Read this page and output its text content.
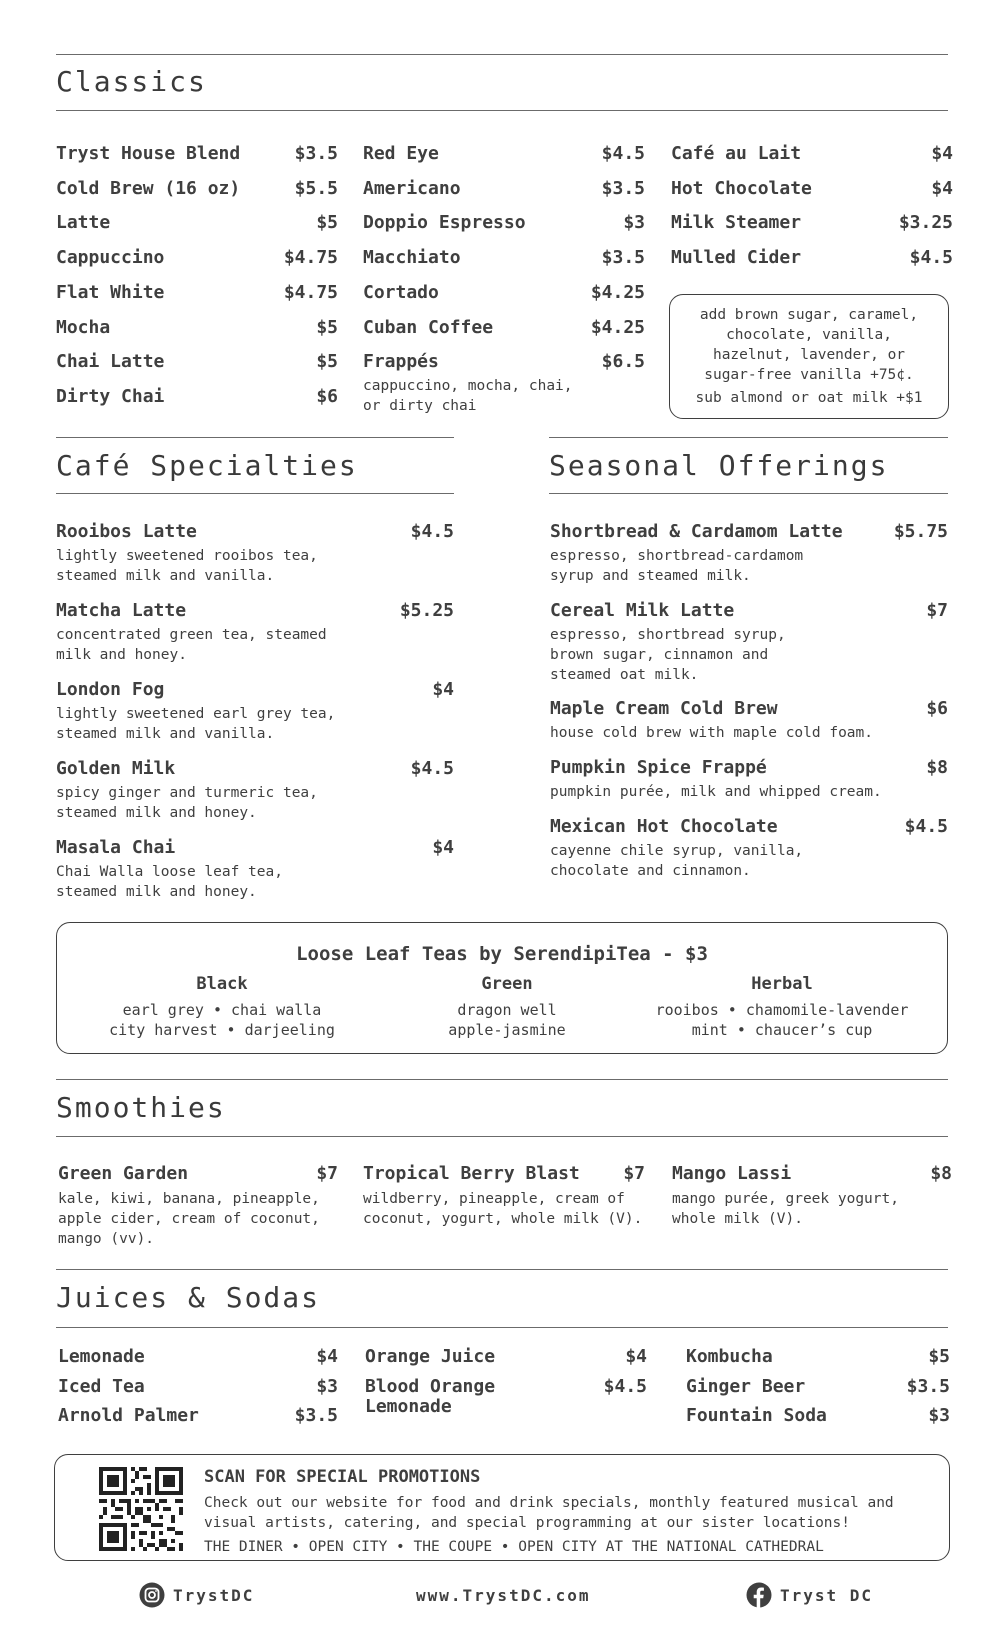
Classics
Tryst House Blend	$3.5
Cold Brew (16 oz)	$5.5
Latte	$5
Cappuccino	$4.75
Flat White	$4.75
Mocha	$5
Chai Latte	$5
Dirty Chai	$6
Red Eye	$4.5
Americano	$3.5
Doppio Espresso	$3
Macchiato	$3.5
Cortado	$4.25
Cuban Coffee	$4.25
Frappés	$6.5
Café au Lait	$4
Hot Chocolate	$4
Milk Steamer	$3.25
Mulled Cider	$4.5
cappuccino, mocha, chai,
or dirty chai
add brown sugar, caramel,
chocolate, vanilla,
hazelnut, lavender, or
sugar-free vanilla +75¢.
sub almond or oat milk +$1
Café Specialties
Rooibos Latte	$4.5
lightly sweetened rooibos tea,
steamed milk and vanilla.
Matcha Latte	$5.25
concentrated green tea, steamed
milk and honey.
London Fog	$4
lightly sweetened earl grey tea,
steamed milk and vanilla.
Golden Milk	$4.5
spicy ginger and turmeric tea,
steamed milk and honey.
Masala Chai	$4
Chai Walla loose leaf tea,
steamed milk and honey.
Seasonal Offerings
Shortbread & Cardamom Latte	$5.75
espresso, shortbread-cardamom
syrup and steamed milk.
Cereal Milk Latte	$7
espresso, shortbread syrup,
brown sugar, cinnamon and
steamed oat milk.
Maple Cream Cold Brew	$6
house cold brew with maple cold foam.
Pumpkin Spice Frappé	$8
pumpkin purée, milk and whipped cream.
Mexican Hot Chocolate	$4.5
cayenne chile syrup, vanilla,
chocolate and cinnamon.
Loose Leaf Teas by SerendipiTea - $3
Black
earl grey • chai walla
city harvest • darjeeling
Green
dragon well
apple-jasmine
Herbal
rooibos • chamomile-lavender
mint • chaucer’s cup
Smoothies
Green Garden	$7
kale, kiwi, banana, pineapple,
apple cider, cream of coconut,
mango (vv).
Tropical Berry Blast $7
wildberry, pineapple, cream of
coconut, yogurt, whole milk (V).
Mango Lassi	$8
mango purée, greek yogurt,
whole milk (V).
Juices & Sodas
Lemonade	$4
Iced Tea	$3
Arnold Palmer	$3.5
Orange Juice	$4
Blood Orange	$4.5
Kombucha	$5
Ginger Beer	$3.5
Fountain Soda	$3
Lemonade
SCAN FOR SPECIAL PROMOTIONS
Check out our website for food and drink specials, monthly featured musical and
visual artists, catering, and special programming at our sister locations!
THE DINER • OPEN CITY • THE COUPE • OPEN CITY AT THE NATIONAL CATHEDRAL
TrystDC	www.TrystDC.com	Tryst DC
